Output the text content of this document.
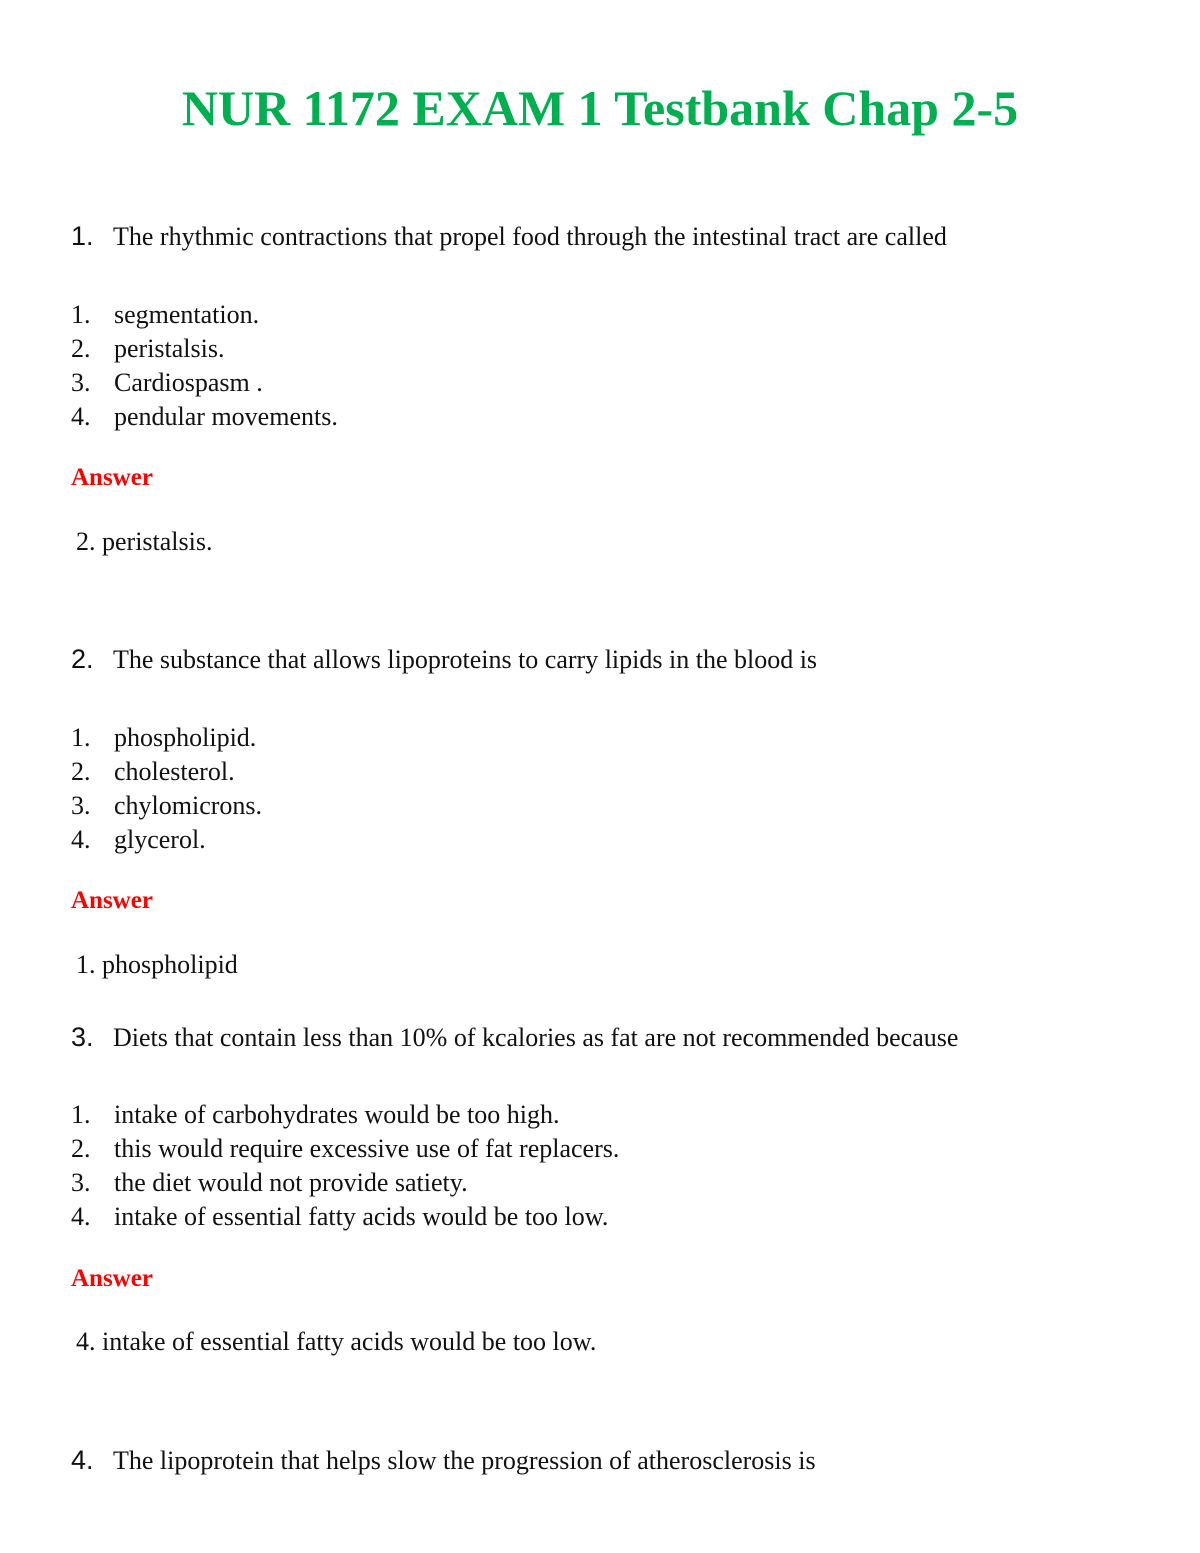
NUR 1172 EXAM 1 Testbank Chap 2-5
1. The rhythmic contractions that propel food through the intestinal tract are called
1. segmentation.
2. peristalsis.
3. Cardiospasm .
4. pendular movements.
Answer
2. peristalsis.
2. The substance that allows lipoproteins to carry lipids in the blood is
1. phospholipid.
2. cholesterol.
3. chylomicrons.
4. glycerol.
Answer
1. phospholipid
3. Diets that contain less than 10% of kcalories as fat are not recommended because
1. intake of carbohydrates would be too high.
2. this would require excessive use of fat replacers.
3. the diet would not provide satiety.
4. intake of essential fatty acids would be too low.
Answer
4. intake of essential fatty acids would be too low.
4. The lipoprotein that helps slow the progression of atherosclerosis is
